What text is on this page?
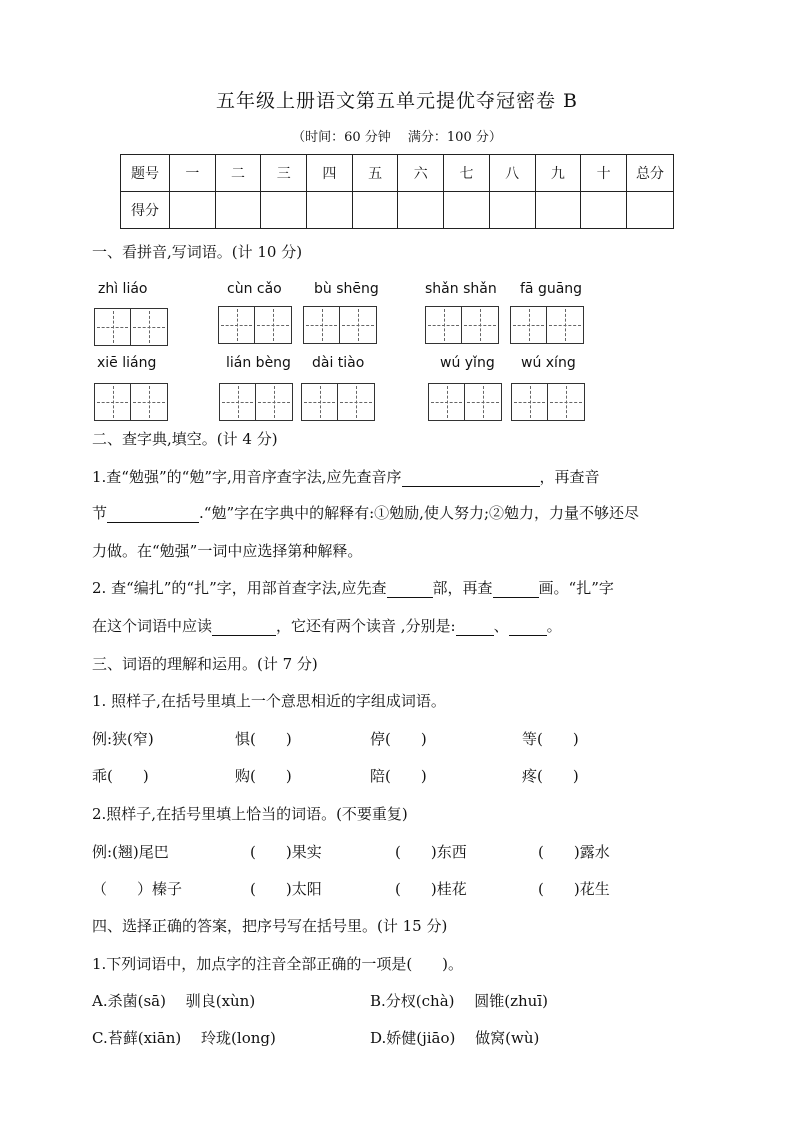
五年级上册语文第五单元提优夺冠密卷 B
（时间：60 分钟　 满分：100 分）
题号	一	二	三	四	五	六	七	八	九	十	总分
得分											
一、看拼音,写词语。(计 10 分)
zhì liáo	cùn cǎo bù shēng	shǎn shǎn fā guāng
xiē liáng	lián bèng dài tiào	wú yǐng wú xíng
二、查字典,填空。(计 4 分)
1.查“勉强”的“勉”字,用音序查字法,应先查音序	，再查音
节	.“勉”字在字典中的解释有:①勉励,使人努力;②勉力，力量不够还尽
力做。在“勉强”一词中应选择第种解释。
2. 查“编扎”的“扎”字，用部首查字法,应先查	部，再查	画。“扎”字
在这个词语中应读	，它还有两个读音 ,分别是:	、	。
三、词语的理解和运用。(计 7 分)
1. 照样子,在括号里填上一个意思相近的字组成词语。
例:狭(窄)	惧(　　)	停(　　)	等(　　)
乖(　　)	购(　　)	陪(　　)	疼(　　)
2.照样子,在括号里填上恰当的词语。(不要重复)
例:(翘)尾巴	(　　)果实	(　　)东西	(　　)露水
（　　）榛子	(　　)太阳	(　　)桂花	(　　)花生
四、选择正确的答案，把序号写在括号里。(计 15 分)
1.下列词语中，加点字的注音全部正确的一项是(　　)。
A.杀菌(sā)　 驯良(xùn)	B.分杈(chà)　 圆锥(zhuī)
C.苔藓(xiān)　 玲珑(long)	D.娇健(jiāo)　 做窝(wù)
